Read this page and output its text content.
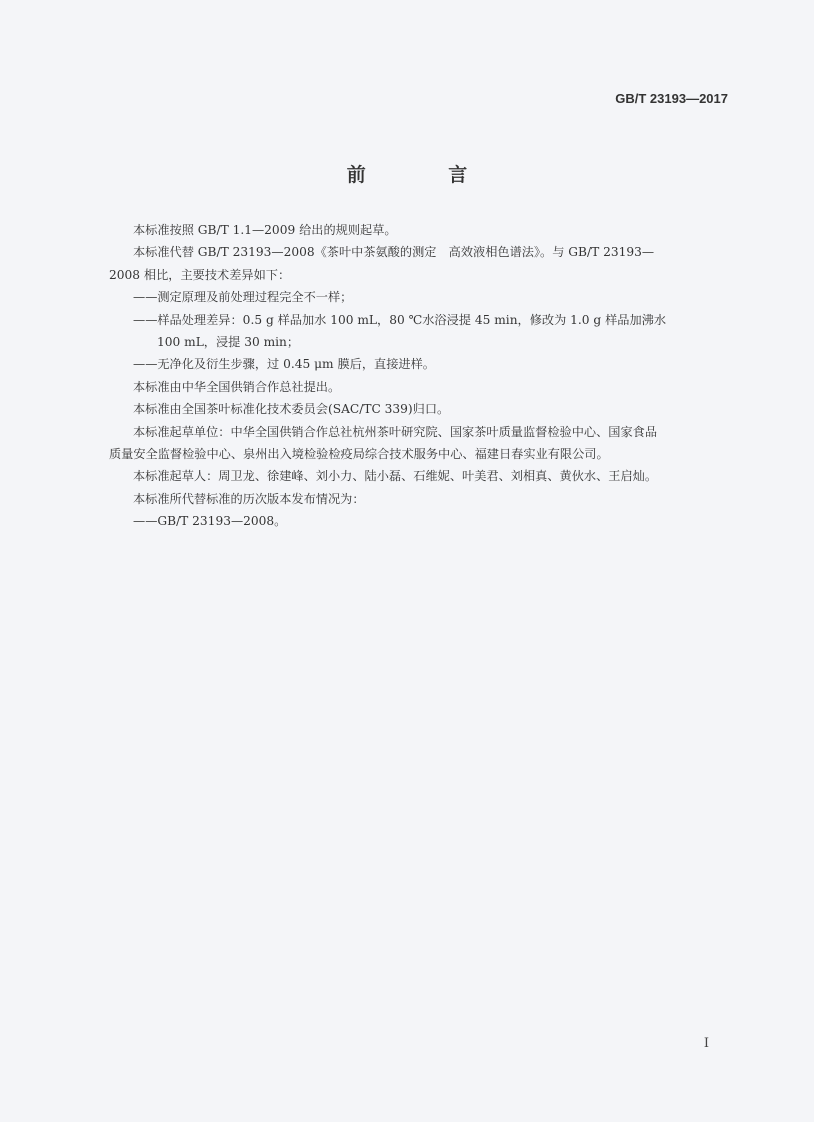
GB/T 23193—2017
前 言

本标准按照 GB/T 1.1—2009 给出的规则起草。

本标准代替 GB/T 23193—2008《茶叶中茶氨酸的测定　高效液相色谱法》。与 GB/T 23193—

2008 相比，主要技术差异如下：

——测定原理及前处理过程完全不一样；

——样品处理差异：0.5 g 样品加水 100 mL，80 ℃水浴浸提 45 min，修改为 1.0 g 样品加沸水

100 mL，浸提 30 min；

——无净化及衍生步骤，过 0.45 μm 膜后，直接进样。

本标准由中华全国供销合作总社提出。

本标准由全国茶叶标准化技术委员会(SAC/TC 339)归口。

本标准起草单位：中华全国供销合作总社杭州茶叶研究院、国家茶叶质量监督检验中心、国家食品

质量安全监督检验中心、泉州出入境检验检疫局综合技术服务中心、福建日春实业有限公司。

本标准起草人：周卫龙、徐建峰、刘小力、陆小磊、石维妮、叶美君、刘相真、黄伙水、王启灿。

本标准所代替标准的历次版本发布情况为：

——GB/T 23193—2008。

I
